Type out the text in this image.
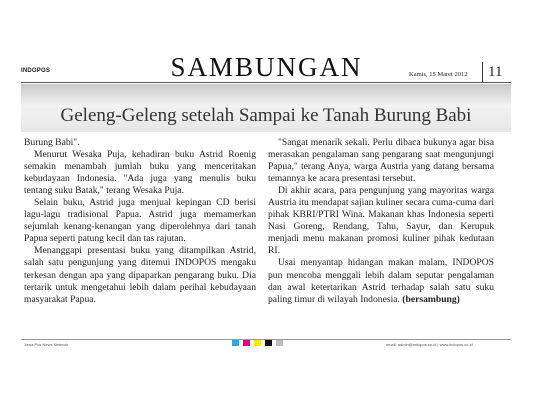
INDOPOS	SAMBUNGAN	Kamis, 15 Maret 2012 11
Geleng-Geleng setelah Sampai ke Tanah Burung Babi

Burung Babi".

Menurut Wesaka Puja, kehadiran buku Astrid Roenig semakin menambah jumlah buku yang menceritakan kebudayaan Indonesia. "Ada juga yang menulis buku tentang suku Batak," terang Wesaka Puja.

Selain buku, Astrid juga menjual kepingan CD berisi lagu-lagu tradisional Papua. Astrid juga memamerkan sejumlah kenang-kenangan yang diperolehnya dari tanah Papua seperti patung kecil dan tas rajutan.

Menanggapi presentasi buku yang ditampilkan Astrid, salah satu pengunjung yang ditemui INDOPOS mengaku terkesan dengan apa yang dipaparkan pengarang buku. Dia tertarik untuk mengetahui lebih dalam perihal kebudayaan masyarakat Papua.

"Sangat menarik sekali. Perlu dibaca bukunya agar bisa merasakan pengalaman sang pengarang saat mengunjungi Papua," terang Anya, warga Austria yang datang bersama temannya ke acara presentasi tersebut.

Di akhir acara, para pengunjung yang mayoritas warga Austria itu mendapat sajian kuliner secara cuma-cuma dari pihak KBRI/PTRI Wina. Makanan khas Indonesia seperti Nasi Goreng, Rendang, Tahu, Sayur, dan Kerupuk menjadi menu makanan promosi kuliner pihak kedutaan RI.

Usai menyantap hidangan makan malam, INDOPOS pun mencoba menggali lebih dalam seputar pengalaman dan awal ketertarikan Astrid terhadap salah satu suku paling timur di wilayah Indonesia. (bersambung)

Jawa Pos News Network	email: admin@indopos.co.id | www.indopos.co.id
